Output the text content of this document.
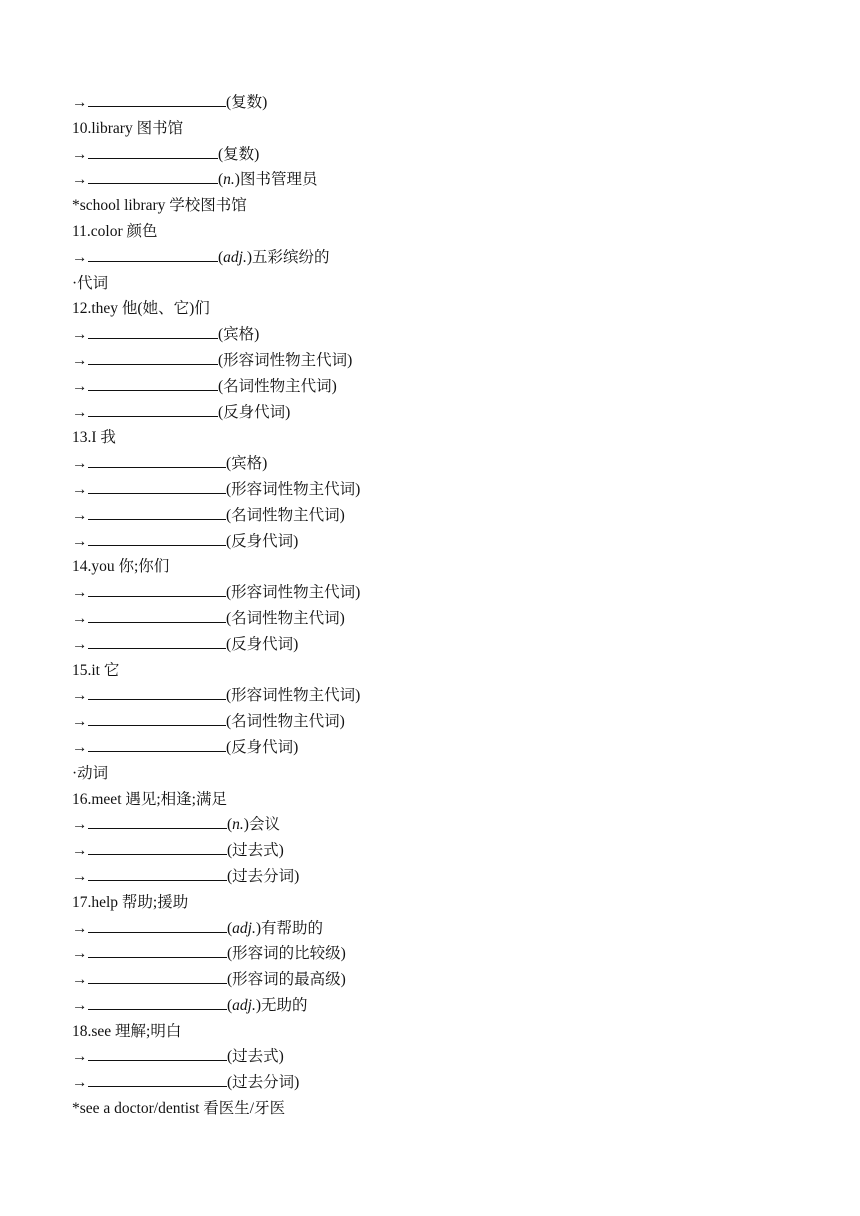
→	(复数)
10.library 图书馆
→	(复数)
→	(n.)图书管理员
*school library 学校图书馆
11.color 颜色
→	(adj.)五彩缤纷的
·代词
12.they 他(她、它)们
→	(宾格)
→	(形容词性物主代词)
→	(名词性物主代词)
→	(反身代词)
13.I 我
→	(宾格)
→	(形容词性物主代词)
→	(名词性物主代词)
→	(反身代词)
14.you 你;你们
→	(形容词性物主代词)
→	(名词性物主代词)
→	(反身代词)
15.it 它
→	(形容词性物主代词)
→	(名词性物主代词)
→	(反身代词)
·动词
16.meet 遇见;相逢;满足
→	(n.)会议
→	(过去式)
→	(过去分词)
17.help 帮助;援助
→	(adj.)有帮助的
→	(形容词的比较级)
→	(形容词的最高级)
→	(adj.)无助的
18.see 理解;明白
→	(过去式)
→	(过去分词)
*see a doctor/dentist 看医生/牙医
